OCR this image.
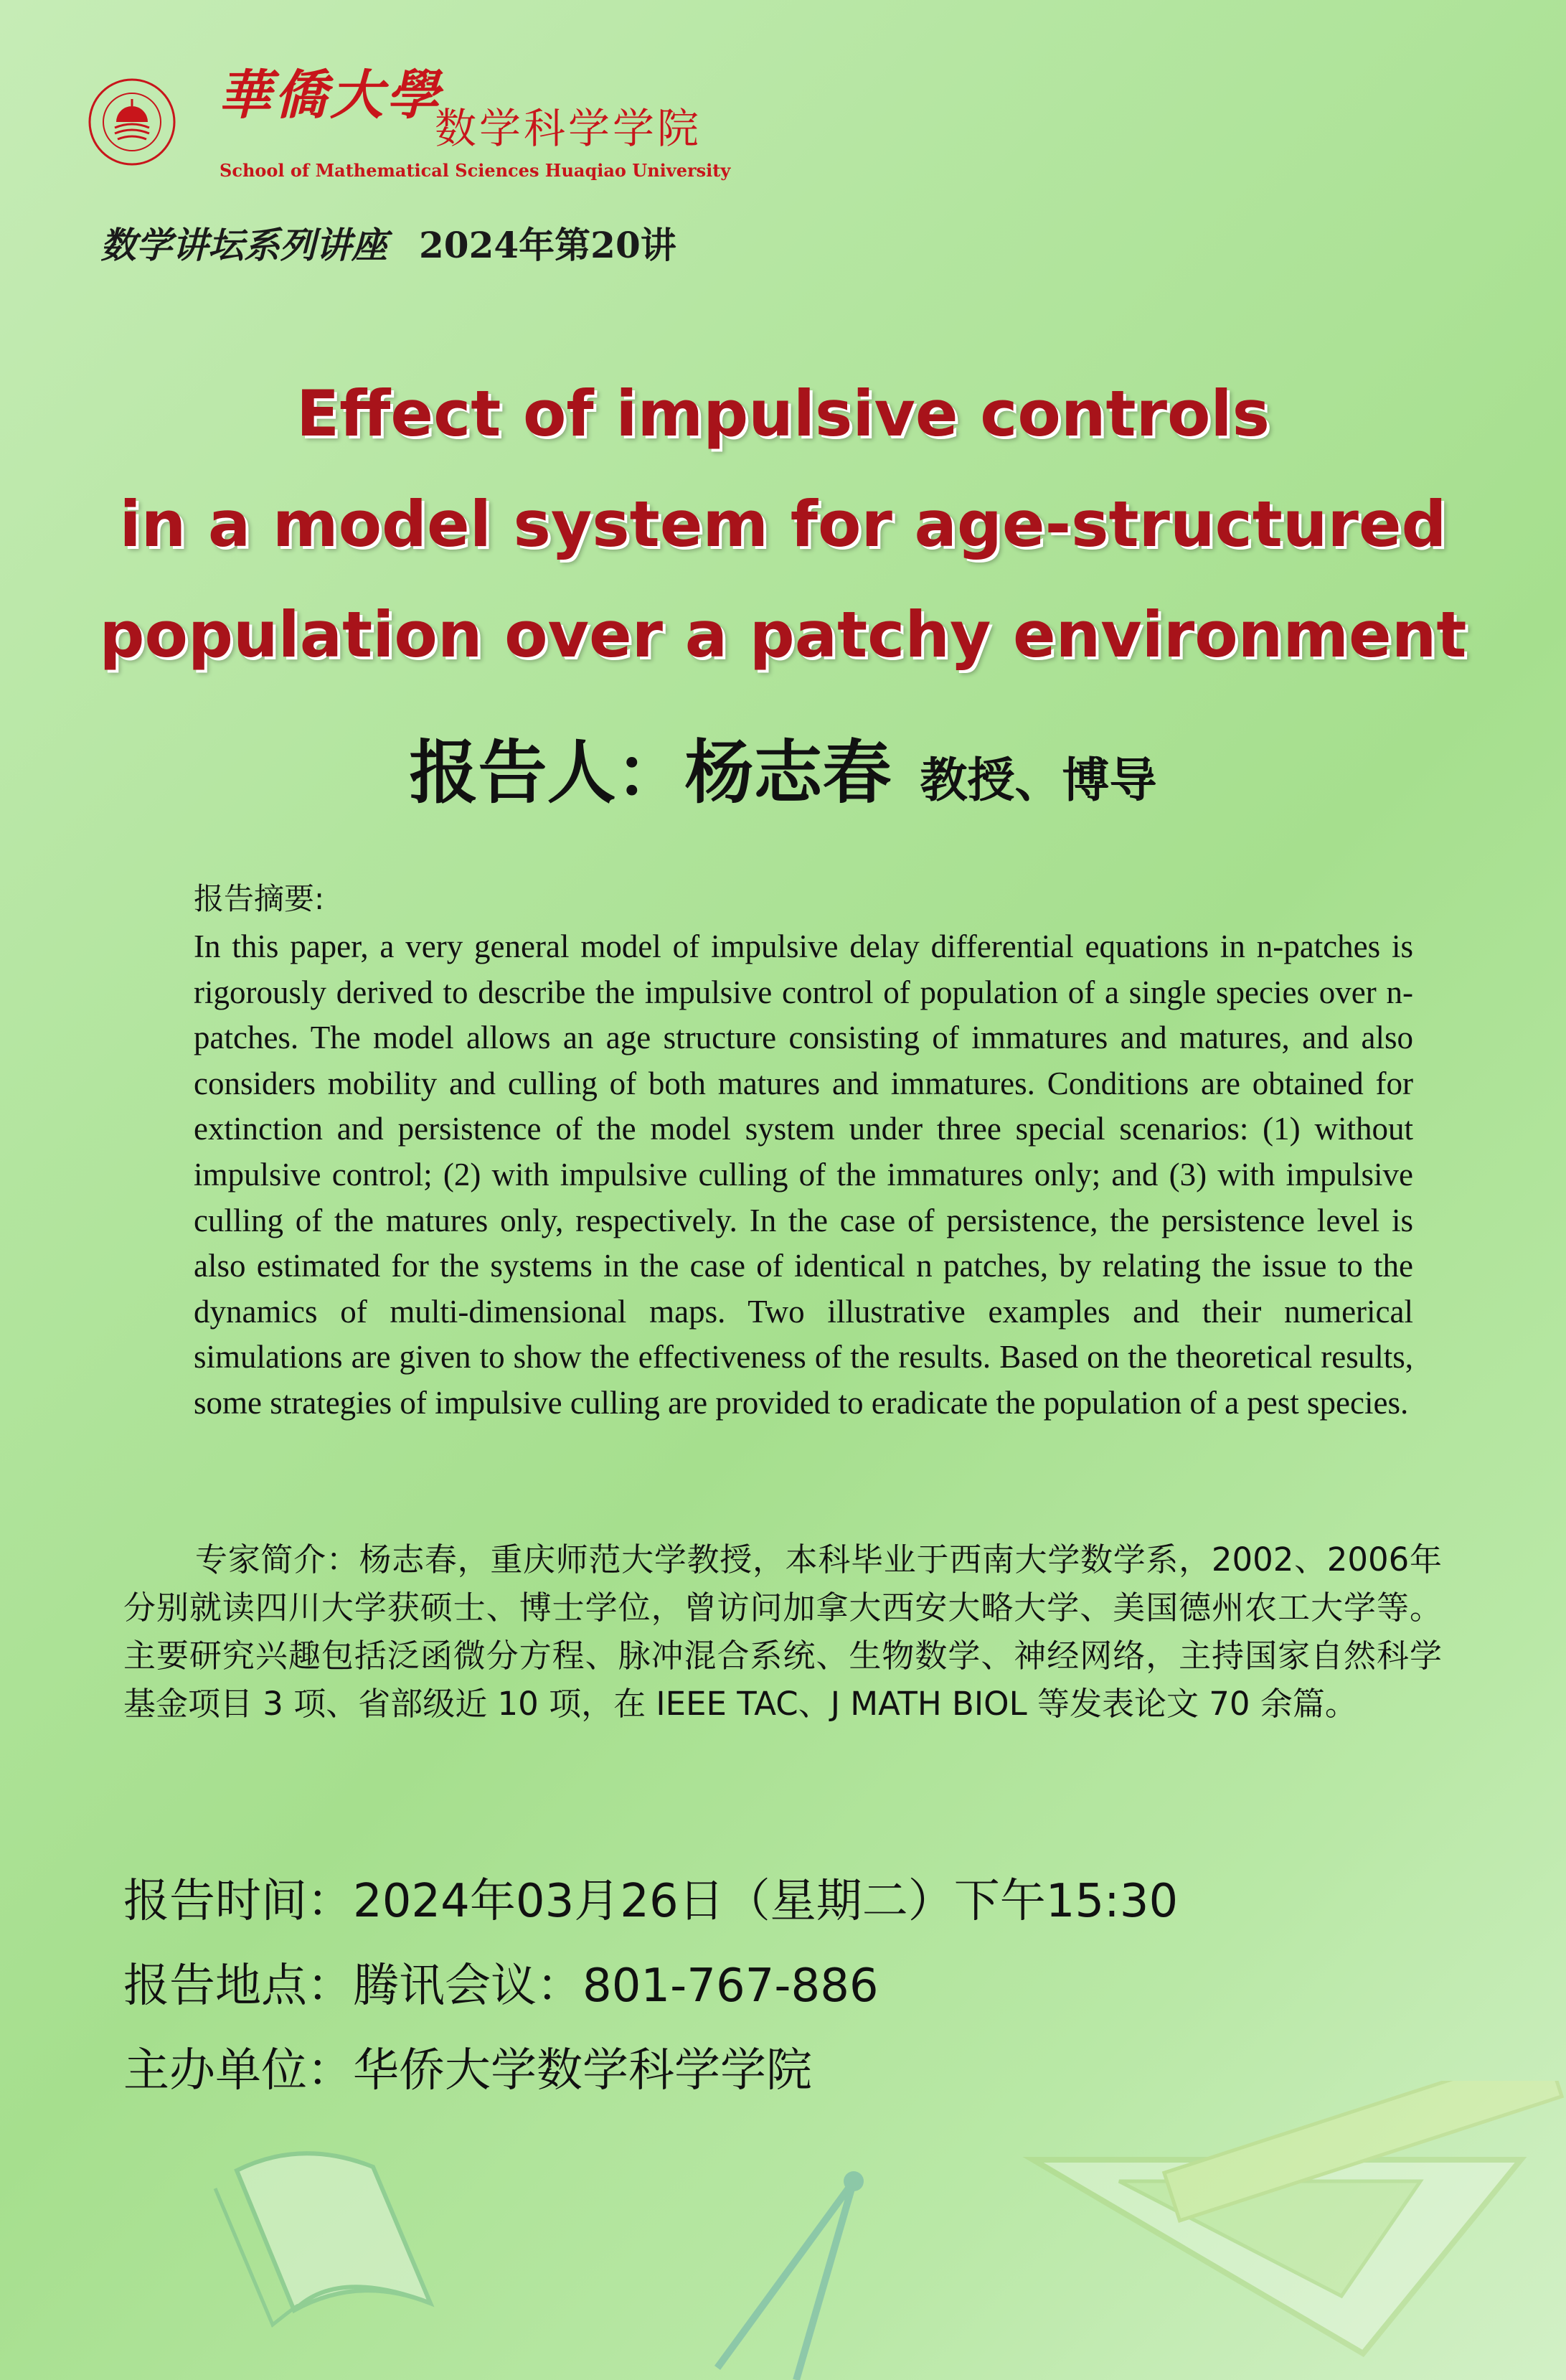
華僑大學
数学科学学院
School of Mathematical Sciences Huaqiao University
数学讲坛系列讲座 2024年第20讲
Effect of impulsive controls
in a model system for age-structured
population over a patchy environment
报告人：杨志春 教授、博导
报告摘要:
In this paper, a very general model of impulsive delay differential equations in n-patches is rigorously derived to describe the impulsive control of population of a single species over n-patches. The model allows an age structure consisting of immatures and matures, and also considers mobility and culling of both matures and immatures. Conditions are obtained for extinction and persistence of the model system under three special scenarios: (1) without impulsive control; (2) with impulsive culling of the immatures only; and (3) with impulsive culling of the matures only, respectively. In the case of persistence, the persistence level is also estimated for the systems in the case of identical n patches, by relating the issue to the dynamics of multi-dimensional maps. Two illustrative examples and their numerical simulations are given to show the effectiveness of the results. Based on the theoretical results, some strategies of impulsive culling are provided to eradicate the population of a pest species.
专家简介：杨志春，重庆师范大学教授，本科毕业于西南大学数学系，2002、2006年分别就读四川大学获硕士、博士学位，曾访问加拿大西安大略大学、美国德州农工大学等。主要研究兴趣包括泛函微分方程、脉冲混合系统、生物数学、神经网络，主持国家自然科学基金项目 3 项、省部级近 10 项，在 IEEE TAC、J MATH BIOL 等发表论文 70 余篇。
报告时间：2024年03月26日（星期二）下午15:30
报告地点：腾讯会议：801-767-886
主办单位：华侨大学数学科学学院
